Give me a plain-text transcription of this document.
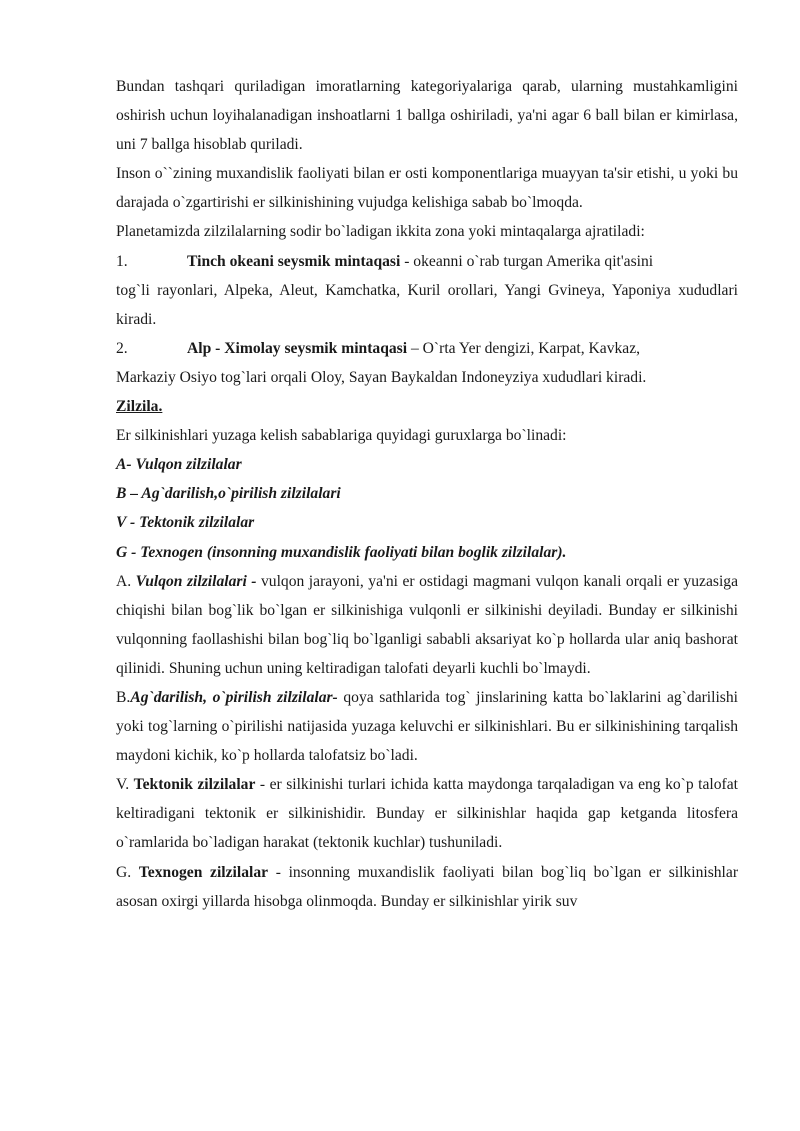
Bundan tashqari quriladigan imoratlarning kategoriyalariga qarab, ularning mustahkamligini oshirish uchun loyihalanadigan inshoatlarni 1 ballga oshiriladi, ya'ni agar 6 ball bilan er kimirlasa, uni 7 ballga hisoblab quriladi.

Inson o``zining muxandislik faoliyati bilan er osti komponentlariga muayyan ta'sir etishi, u yoki bu darajada o`zgartirishi er silkinishining vujudga kelishiga sabab bo`lmoqda.

Planetamizda zilzilalarning sodir bo`ladigan ikkita zona yoki mintaqalarga ajratiladi:

1.	Tinch okeani seysmik mintaqasi - okeanni o`rab turgan Amerika qit'asini

tog`li rayonlari, Alpeka, Aleut, Kamchatka, Kuril orollari, Yangi Gvineya, Yaponiya xududlari kiradi.

2.	Alp - Ximolay seysmik mintaqasi – O`rta Yer dengizi, Karpat, Kavkaz,

Markaziy Osiyo tog`lari orqali Oloy, Sayan Baykaldan Indoneyziya xududlari kiradi.

Zilzila.

Er silkinishlari yuzaga kelish sabablariga quyidagi guruxlarga bo`linadi:

A- Vulqon zilzilalar

B – Ag`darilish,o`pirilish zilzilalari

V - Tektonik zilzilalar

G - Texnogen (insonning muxandislik faoliyati bilan boglik zilzilalar).

A. Vulqon zilzilalari - vulqon jarayoni, ya'ni er ostidagi magmani vulqon kanali orqali er yuzasiga chiqishi bilan bog`lik bo`lgan er silkinishiga vulqonli er silkinishi deyiladi. Bunday er silkinishi vulqonning faollashishi bilan bog`liq bo`lganligi sababli aksariyat ko`p hollarda ular aniq bashorat qilinidi. Shuning uchun uning keltiradigan talofati deyarli kuchli bo`lmaydi.

B.Ag`darilish, o`pirilish zilzilalar- qoya sathlarida tog` jinslarining katta bo`laklarini ag`darilishi yoki tog`larning o`pirilishi natijasida yuzaga keluvchi er silkinishlari. Bu er silkinishining tarqalish maydoni kichik, ko`p hollarda talofatsiz bo`ladi.

V. Tektonik zilzilalar - er silkinishi turlari ichida katta maydonga tarqaladigan va eng ko`p talofat keltiradigani tektonik er silkinishidir. Bunday er silkinishlar haqida gap ketganda litosfera o`ramlarida bo`ladigan harakat (tektonik kuchlar) tushuniladi.

G. Texnogen zilzilalar - insonning muxandislik faoliyati bilan bog`liq bo`lgan er silkinishlar asosan oxirgi yillarda hisobga olinmoqda. Bunday er silkinishlar yirik suv
